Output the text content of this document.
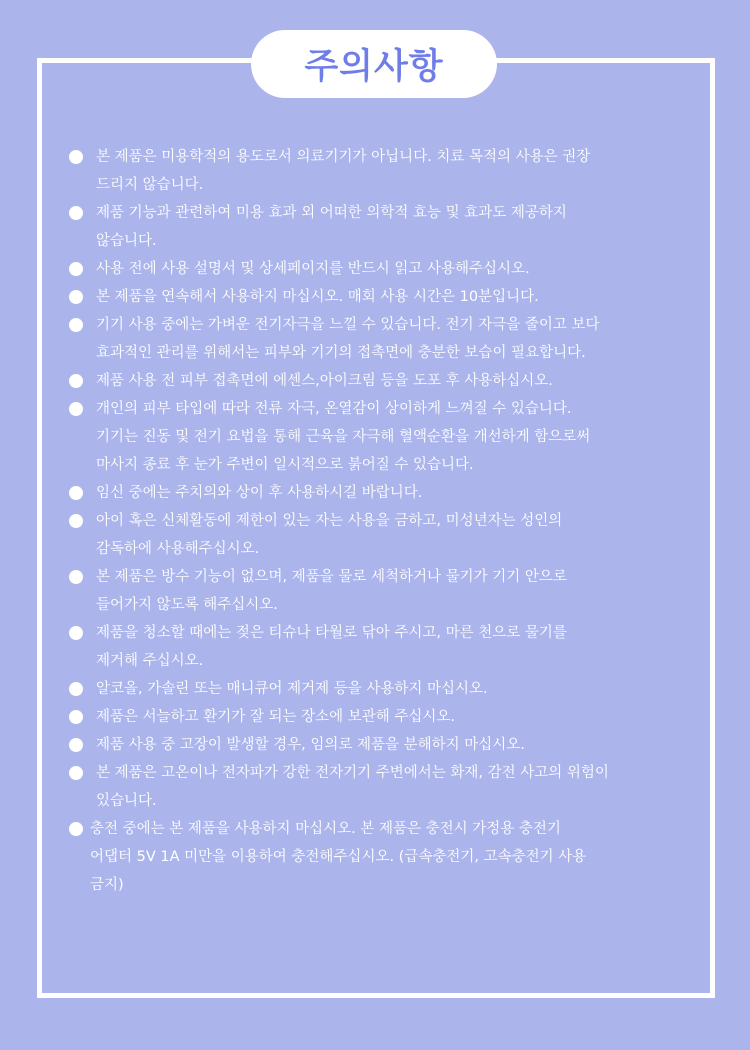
주의사항
본 제품은 미용학적의 용도로서 의료기기가 아닙니다. 치료 목적의 사용은 권장
드리지 않습니다.
제품 기능과 관련하여 미용 효과 외 어떠한 의학적 효능 및 효과도 제공하지
않습니다.
사용 전에 사용 설명서 및 상세페이지를 반드시 읽고 사용해주십시오.
본 제품을 연속해서 사용하지 마십시오. 매회 사용 시간은 10분입니다.
기기 사용 중에는 가벼운 전기자극을 느낄 수 있습니다. 전기 자극을 줄이고 보다
효과적인 관리를 위해서는 피부와 기기의 접촉면에 충분한 보습이 필요합니다.
제품 사용 전 피부 접촉면에 에센스,아이크림 등을 도포 후 사용하십시오.
개인의 피부 타입에 따라 전류 자극, 온열감이 상이하게 느껴질 수 있습니다.
기기는 진동 및 전기 요법을 통해 근육을 자극해 혈액순환을 개선하게 함으로써
마사지 종료 후 눈가 주변이 일시적으로 붉어질 수 있습니다.
임신 중에는 주치의와 상이 후 사용하시길 바랍니다.
아이 혹은 신체활동에 제한이 있는 자는 사용을 금하고, 미성년자는 성인의
감독하에 사용해주십시오.
본 제품은 방수 기능이 없으며, 제품을 물로 세척하거나 물기가 기기 안으로
들어가지 않도록 해주십시오.
제품을 청소할 때에는 젖은 티슈나 타월로 닦아 주시고, 마른 천으로 물기를
제거해 주십시오.
알코올, 가솔린 또는 매니큐어 제거제 등을 사용하지 마십시오.
제품은 서늘하고 환기가 잘 되는 장소에 보관해 주십시오.
제품 사용 중 고장이 발생할 경우, 임의로 제품을 분해하지 마십시오.
본 제품은 고온이나 전자파가 강한 전자기기 주변에서는 화재, 감전 사고의 위험이
있습니다.
충전 중에는 본 제품을 사용하지 마십시오. 본 제품은 충전시 가정용 충전기
어댑터 5V 1A 미만을 이용하여 충전해주십시오. (급속충전기, 고속충전기 사용
금지)
